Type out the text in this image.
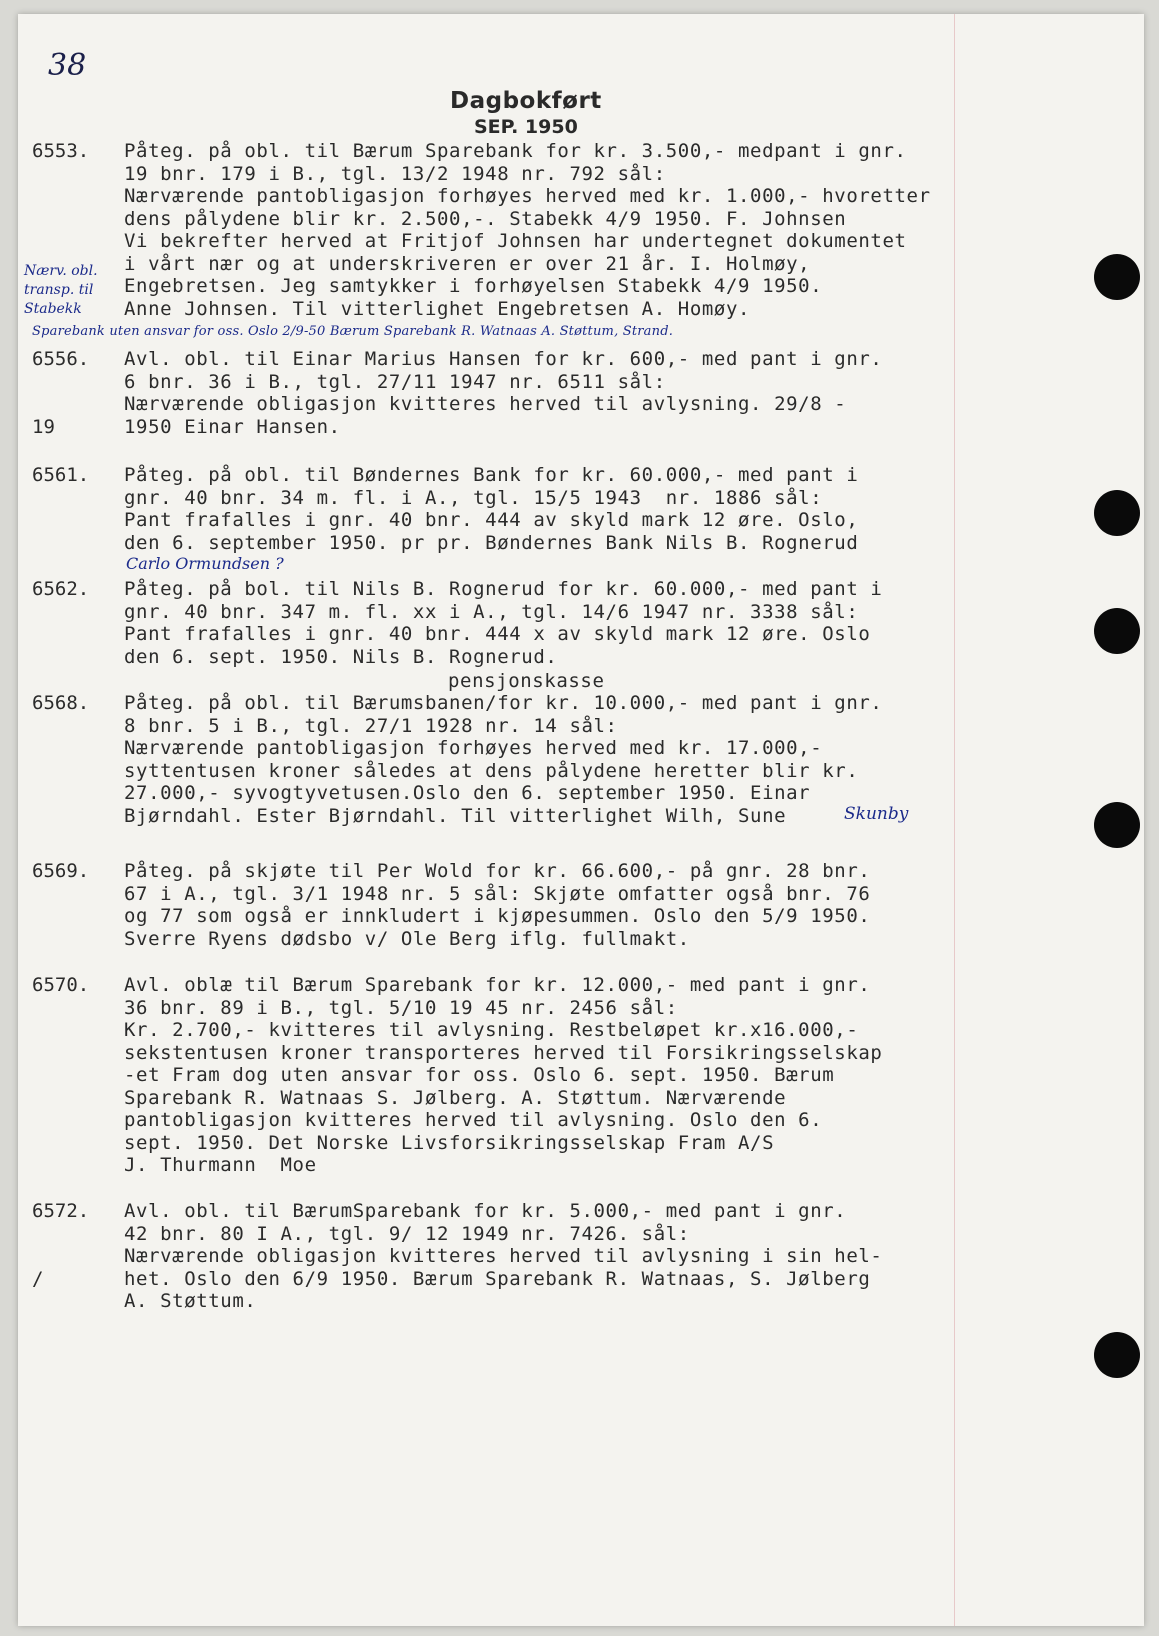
38
Dagbokført
SEP. 1950
6553.	Påteg. på obl. til Bærum Sparebank for kr. 3.500,- medpant i gnr.
19 bnr. 179 i B., tgl. 13/2 1948 nr. 792 sål:
Nærværende pantobligasjon forhøyes herved med kr. 1.000,- hvoretter
dens pålydene blir kr. 2.500,-. Stabekk 4/9 1950. F. Johnsen
Vi bekrefter herved at Fritjof Johnsen har undertegnet dokumentet
i vårt nær og at underskriveren er over 21 år. I. Holmøy,
Engebretsen. Jeg samtykker i forhøyelsen Stabekk 4/9 1950.
Anne Johnsen. Til vitterlighet Engebretsen A. Homøy.
Sparebank uten ansvar for oss. Oslo 2/9-50 Bærum Sparebank R. Watnaas A. Støttum, Strand.
Nærv. obl.
transp. til
Stabekk
6556.	Avl. obl. til Einar Marius Hansen for kr. 600,- med pant i gnr.
6 bnr. 36 i B., tgl. 27/11 1947 nr. 6511 sål:
Nærværende obligasjon kvitteres herved til avlysning. 29/8 -
1950 Einar Hansen.
19
6561.	Påteg. på obl. til Bøndernes Bank for kr. 60.000,- med pant i
gnr. 40 bnr. 34 m. fl. i A., tgl. 15/5 1943  nr. 1886 sål:
Pant frafalles i gnr. 40 bnr. 444 av skyld mark 12 øre. Oslo,
den 6. september 1950. pr pr. Bøndernes Bank Nils B. Rognerud
Carlo Ormundsen ?
6562.	Påteg. på bol. til Nils B. Rognerud for kr. 60.000,- med pant i
gnr. 40 bnr. 347 m. fl. xx i A., tgl. 14/6 1947 nr. 3338 sål:
Pant frafalles i gnr. 40 bnr. 444 x av skyld mark 12 øre. Oslo
den 6. sept. 1950. Nils B. Rognerud.
pensjonskasse
6568.	Påteg. på obl. til Bærumsbanen/for kr. 10.000,- med pant i gnr.
8 bnr. 5 i B., tgl. 27/1 1928 nr. 14 sål:
Nærværende pantobligasjon forhøyes herved med kr. 17.000,-
syttentusen kroner således at dens pålydene heretter blir kr.
27.000,- syvogtyvetusen.Oslo den 6. september 1950. Einar
Bjørndahl. Ester Bjørndahl. Til vitterlighet Wilh, Sune	Skunby
6569.	Påteg. på skjøte til Per Wold for kr. 66.600,- på gnr. 28 bnr.
67 i A., tgl. 3/1 1948 nr. 5 sål: Skjøte omfatter også bnr. 76
og 77 som også er innkludert i kjøpesummen. Oslo den 5/9 1950.
Sverre Ryens dødsbo v/ Ole Berg iflg. fullmakt.
6570.	Avl. oblæ til Bærum Sparebank for kr. 12.000,- med pant i gnr.
36 bnr. 89 i B., tgl. 5/10 19 45 nr. 2456 sål:
Kr. 2.700,- kvitteres til avlysning. Restbeløpet kr.x16.000,-
sekstentusen kroner transporteres herved til Forsikringsselskap
-et Fram dog uten ansvar for oss. Oslo 6. sept. 1950. Bærum
Sparebank R. Watnaas S. Jølberg. A. Støttum. Nærværende
pantobligasjon kvitteres herved til avlysning. Oslo den 6.
sept. 1950. Det Norske Livsforsikringsselskap Fram A/S
J. Thurmann  Moe
6572.	Avl. obl. til BærumSparebank for kr. 5.000,- med pant i gnr.
42 bnr. 80 I A., tgl. 9/ 12 1949 nr. 7426. sål:
Nærværende obligasjon kvitteres herved til avlysning i sin hel-
het. Oslo den 6/9 1950. Bærum Sparebank R. Watnaas, S. Jølberg
A. Støttum.
/
